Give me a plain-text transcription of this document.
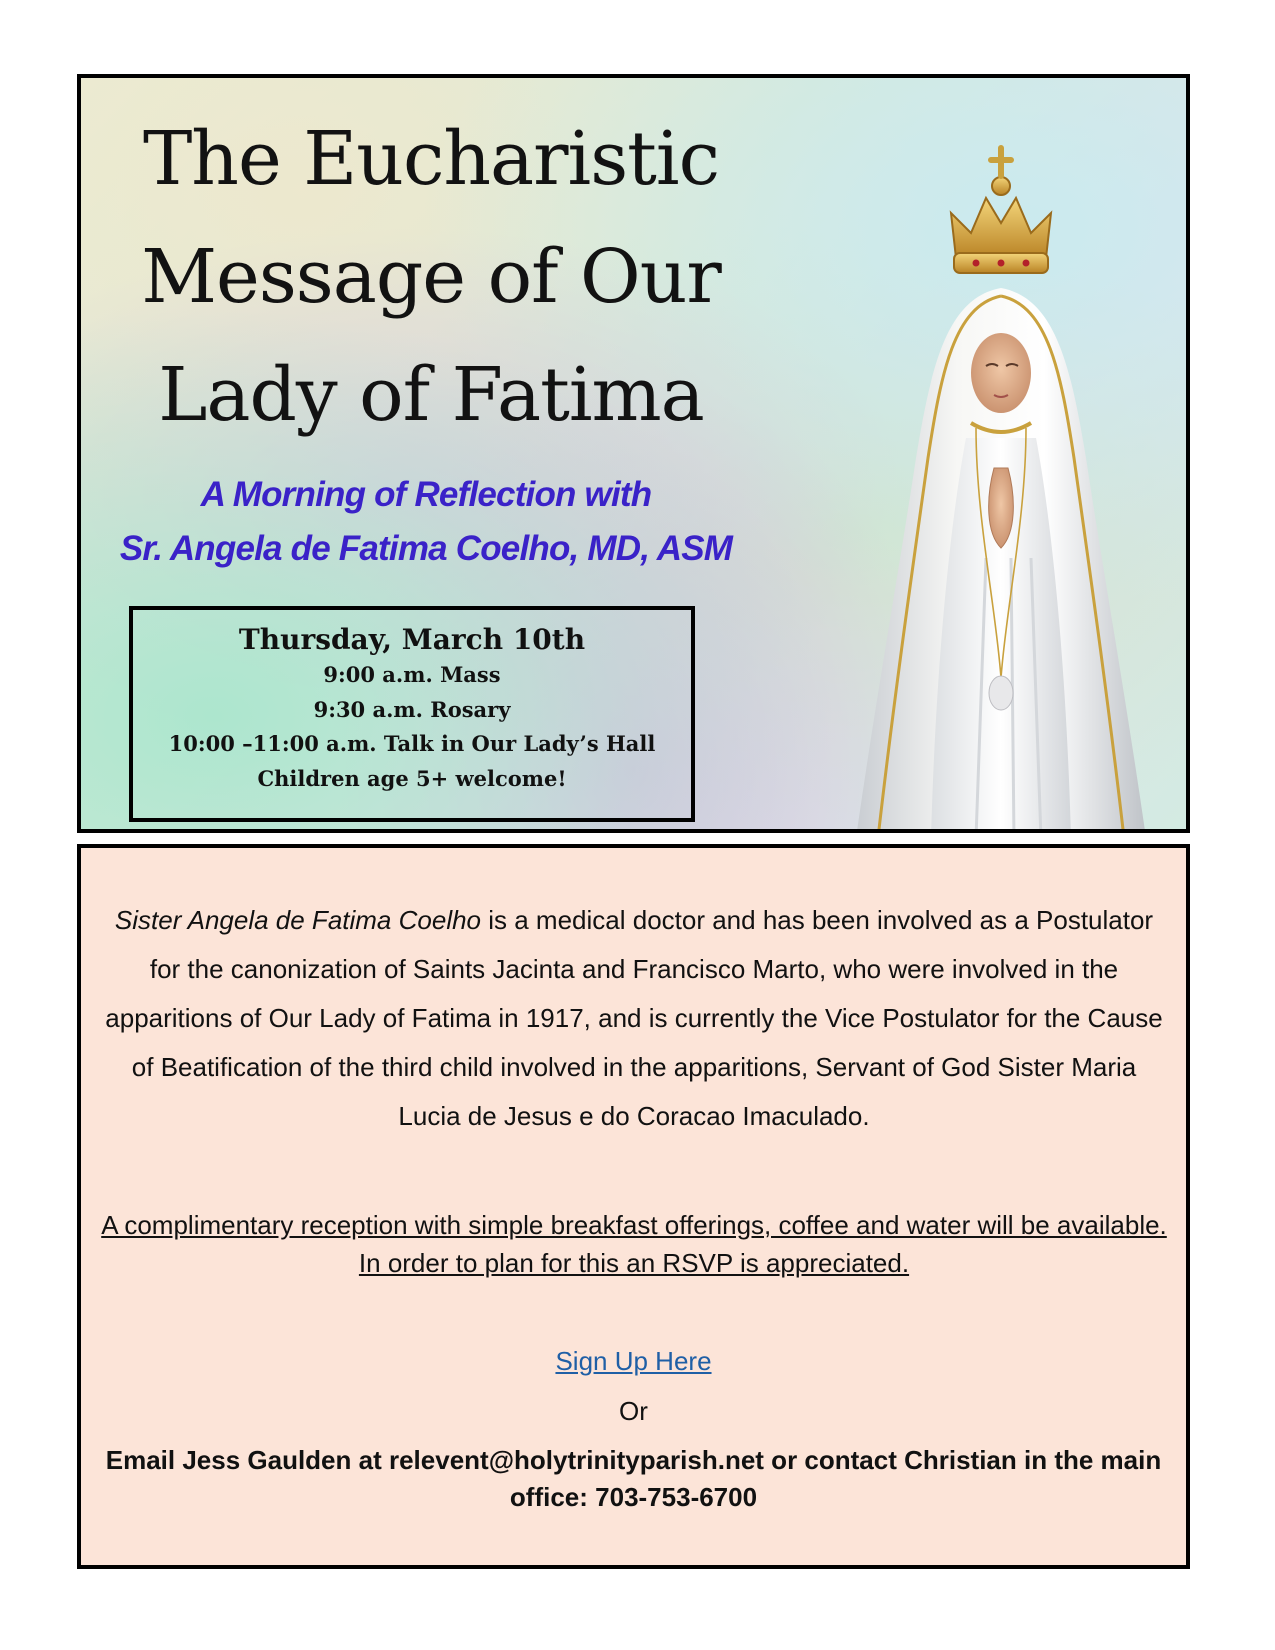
The Eucharistic
Message of Our
Lady of Fatima
A Morning of Reflection with
Sr. Angela de Fatima Coelho, MD, ASM
Thursday, March 10th
9:00 a.m. Mass
9:30 a.m. Rosary
10:00 –11:00 a.m. Talk in Our Lady’s Hall
Children age 5+ welcome!

Sister Angela de Fatima Coelho is a medical doctor and has been involved as a Postulator for the canonization of Saints Jacinta and Francisco Marto, who were involved in the apparitions of Our Lady of Fatima in 1917, and is currently the Vice Postulator for the Cause of Beatification of the third child involved in the apparitions, Servant of God Sister Maria Lucia de Jesus e do Coracao Imaculado.

A complimentary reception with simple breakfast offerings, coffee and water will be available. In order to plan for this an RSVP is appreciated.

Sign Up Here
Or

Email Jess Gaulden at relevent@holytrinityparish.net or contact Christian in the main office: 703-753-6700
